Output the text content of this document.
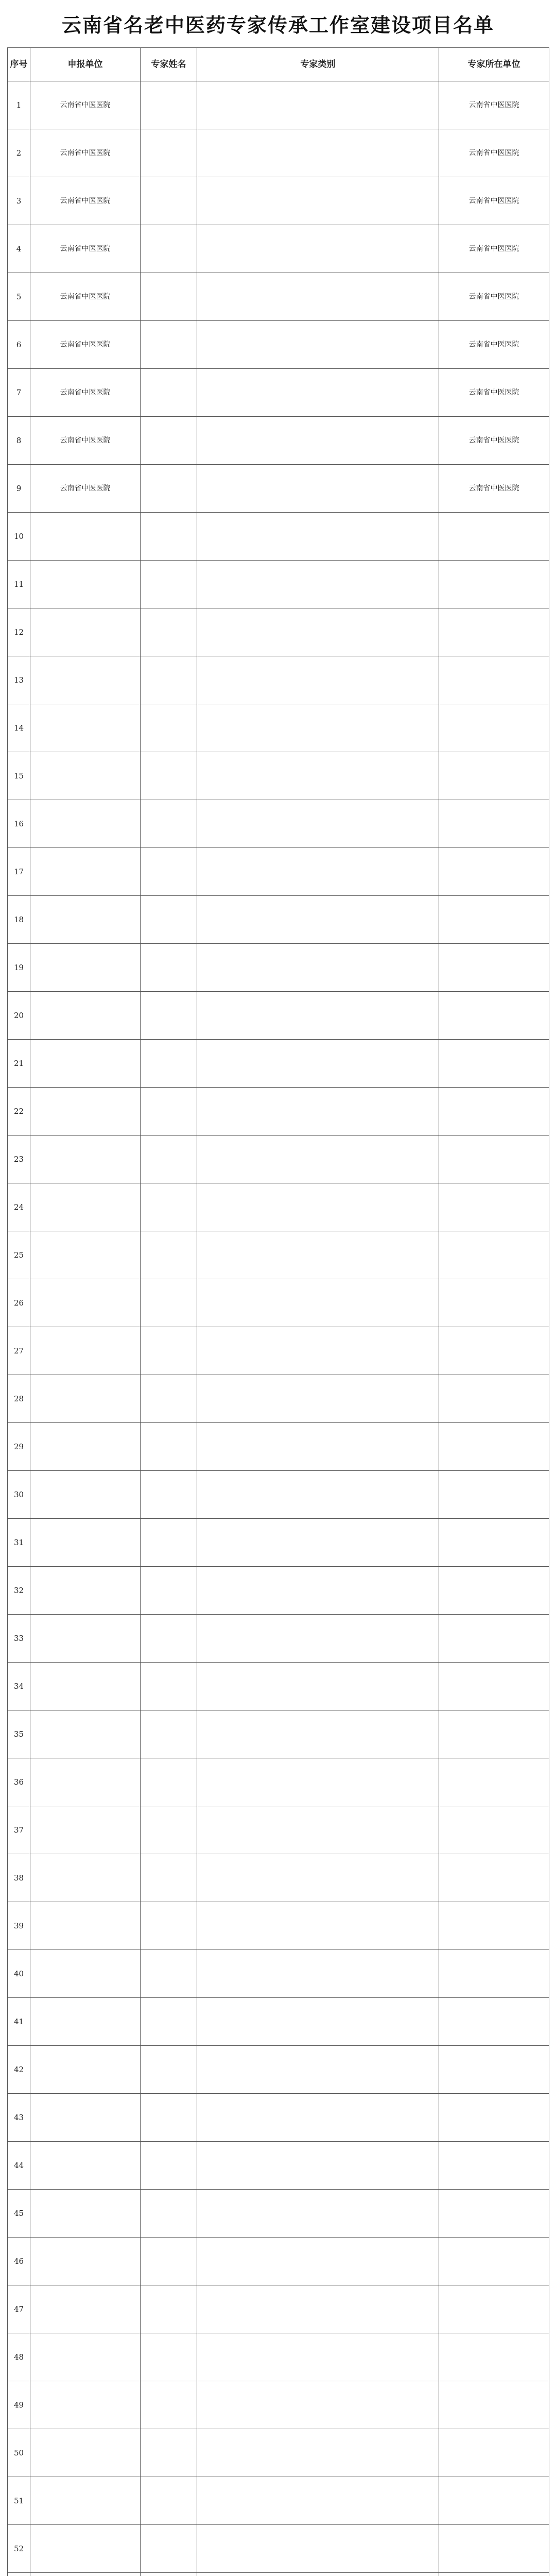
云南省名老中医药专家传承工作室建设项目名单
序号	申报单位	专家姓名	专家类别	专家所在单位
1	云南省中医医院			云南省中医医院
2	云南省中医医院			云南省中医医院
3	云南省中医医院			云南省中医医院
4	云南省中医医院			云南省中医医院
5	云南省中医医院			云南省中医医院
6	云南省中医医院			云南省中医医院
7	云南省中医医院			云南省中医医院
8	云南省中医医院			云南省中医医院
9	云南省中医医院			云南省中医医院
10				
11				
12				
13				
14				
15				
16				
17				
18				
19				
20				
21				
22				
23				
24				
25				
26				
27				
28				
29				
30				
31				
32				
33				
34				
35				
36				
37				
38				
39				
40				
41				
42				
43				
44				
45				
46				
47				
48				
49				
50				
51				
52				
